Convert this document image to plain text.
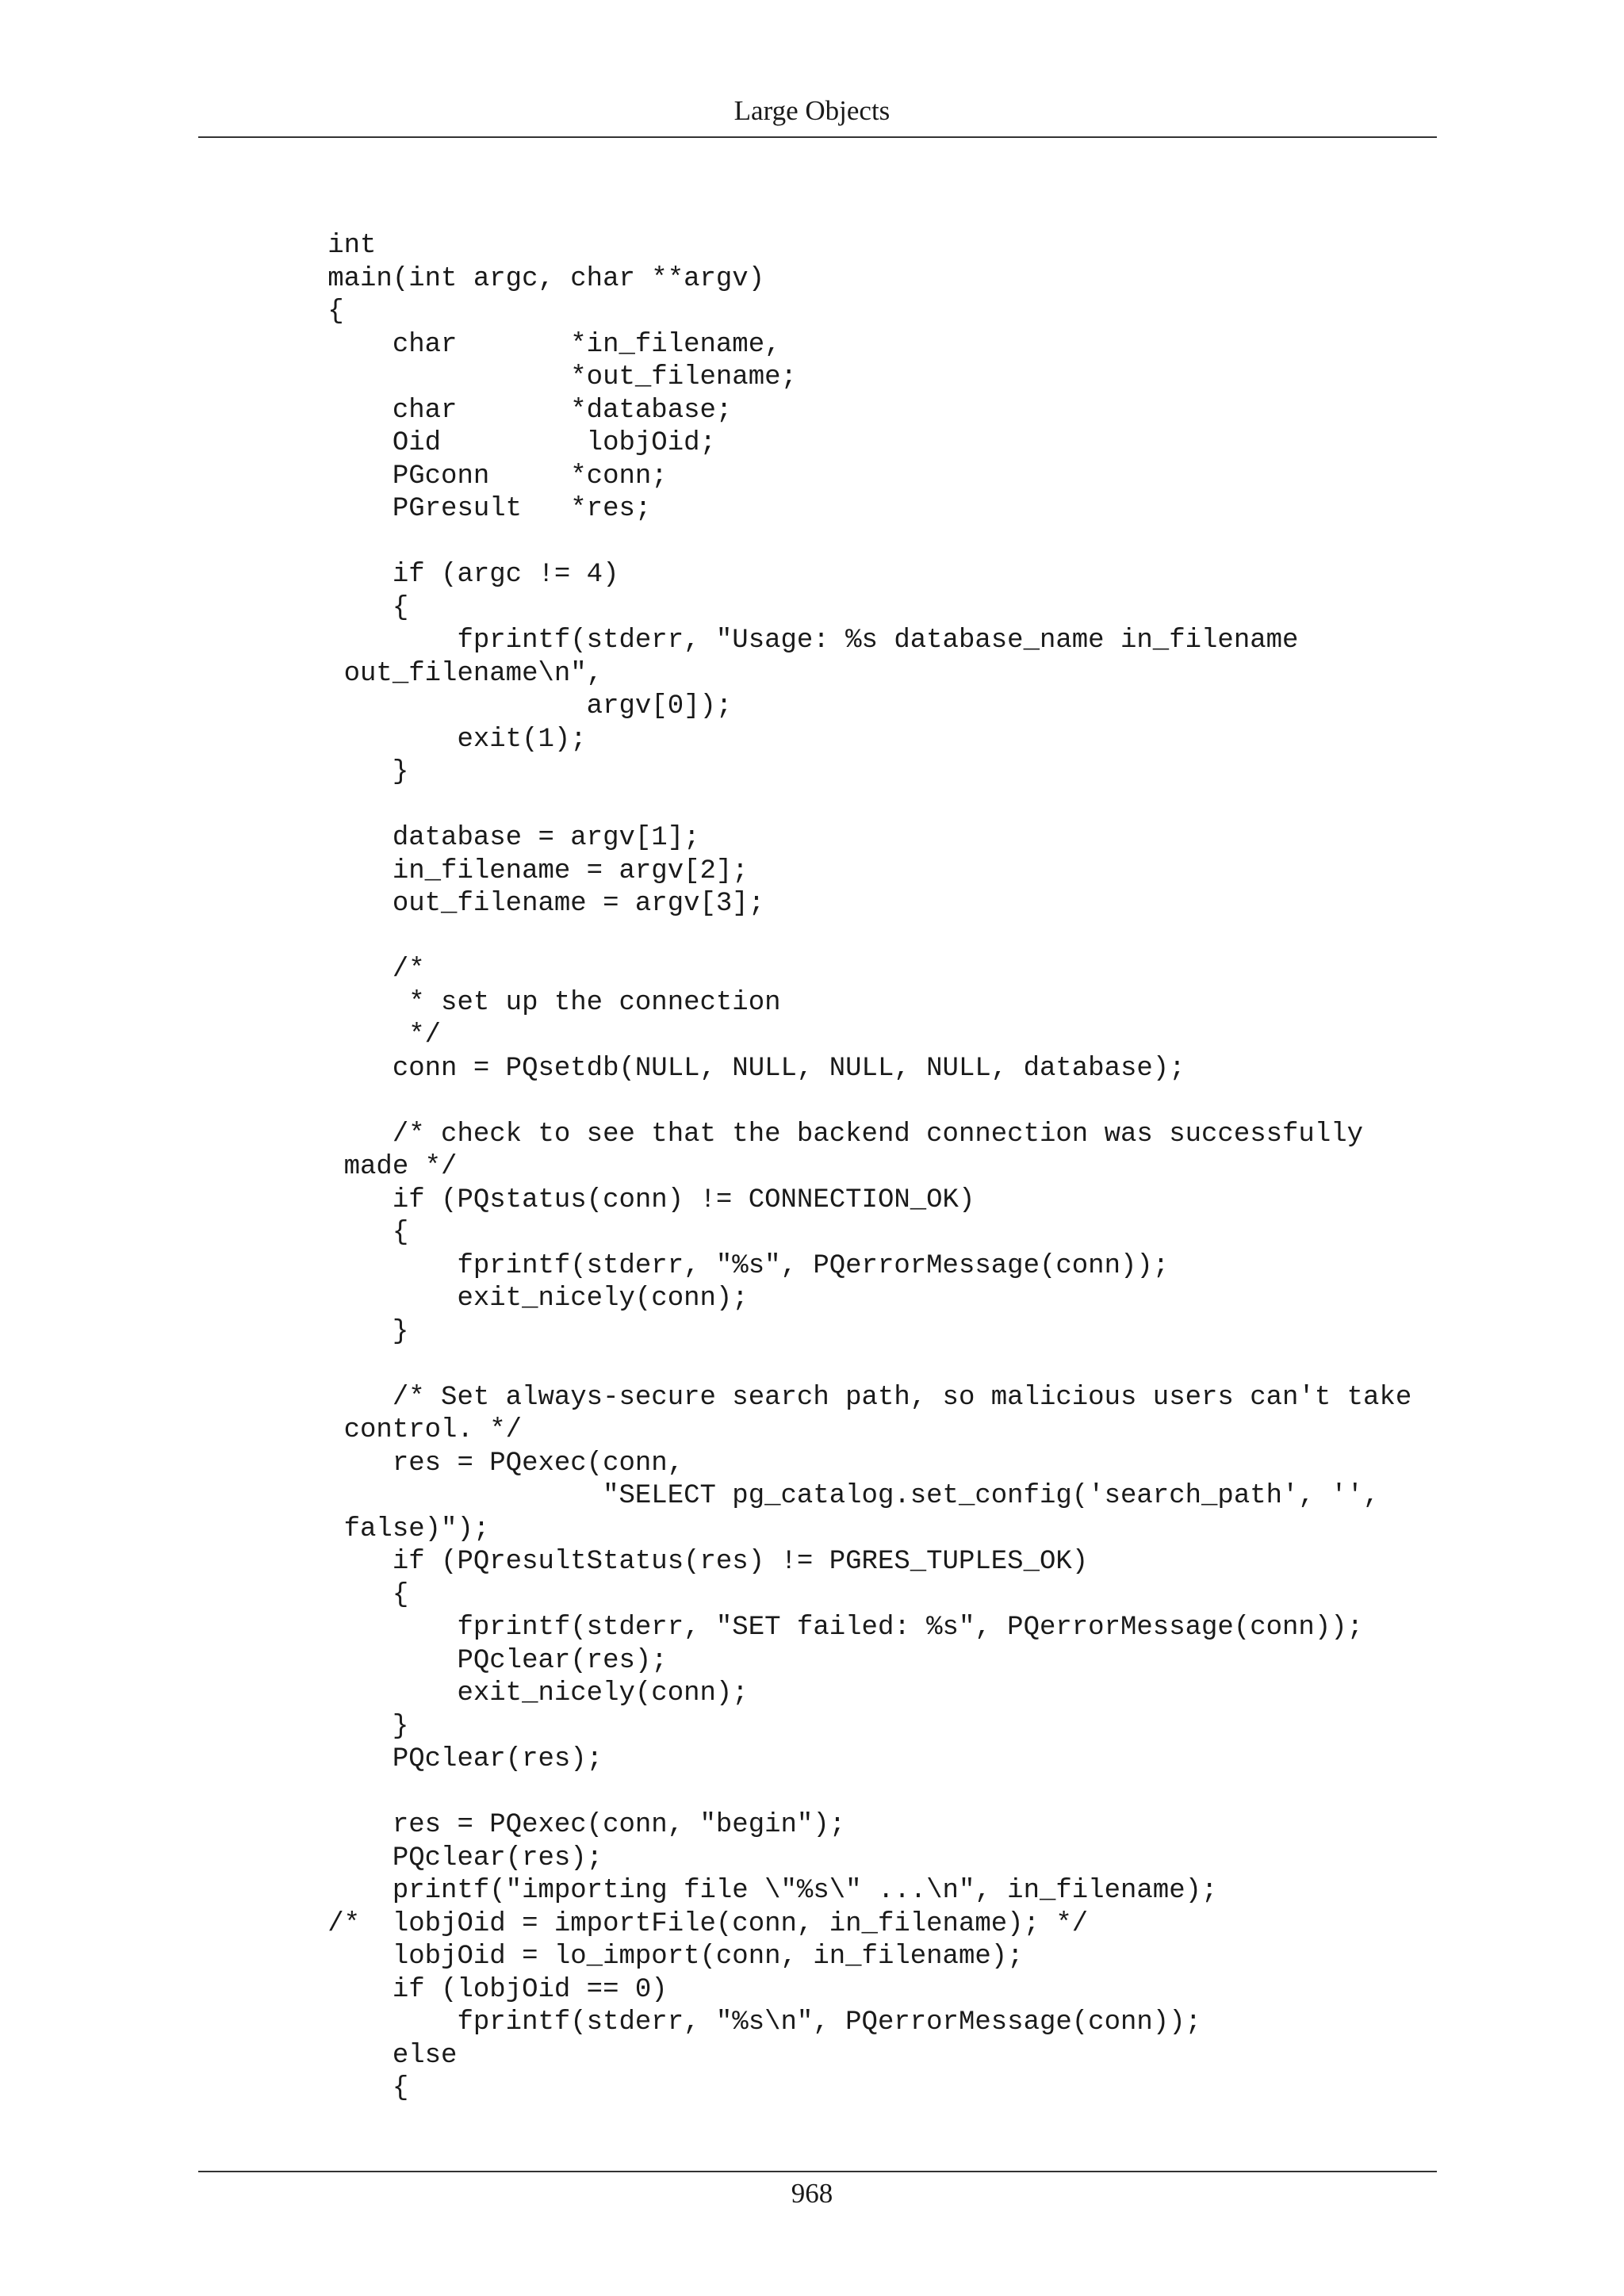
Large Objects
int
main(int argc, char **argv)
{
char       *in_filename,
*out_filename;
char       *database;
Oid         lobjOid;
PGconn     *conn;
PGresult   *res;
if (argc != 4)
{
fprintf(stderr, "Usage: %s database_name in_filename
out_filename\n",
argv[0]);
exit(1);
}
database = argv[1];
in_filename = argv[2];
out_filename = argv[3];
/*
* set up the connection
*/
conn = PQsetdb(NULL, NULL, NULL, NULL, database);
/* check to see that the backend connection was successfully
made */
if (PQstatus(conn) != CONNECTION_OK)
{
fprintf(stderr, "%s", PQerrorMessage(conn));
exit_nicely(conn);
}
/* Set always-secure search path, so malicious users can't take
control. */
res = PQexec(conn,
"SELECT pg_catalog.set_config('search_path', '',
false)");
if (PQresultStatus(res) != PGRES_TUPLES_OK)
{
fprintf(stderr, "SET failed: %s", PQerrorMessage(conn));
PQclear(res);
exit_nicely(conn);
}
PQclear(res);
res = PQexec(conn, "begin");
PQclear(res);
printf("importing file \"%s\" ...\n", in_filename);
/*  lobjOid = importFile(conn, in_filename); */
lobjOid = lo_import(conn, in_filename);
if (lobjOid == 0)
fprintf(stderr, "%s\n", PQerrorMessage(conn));
else
{
968
